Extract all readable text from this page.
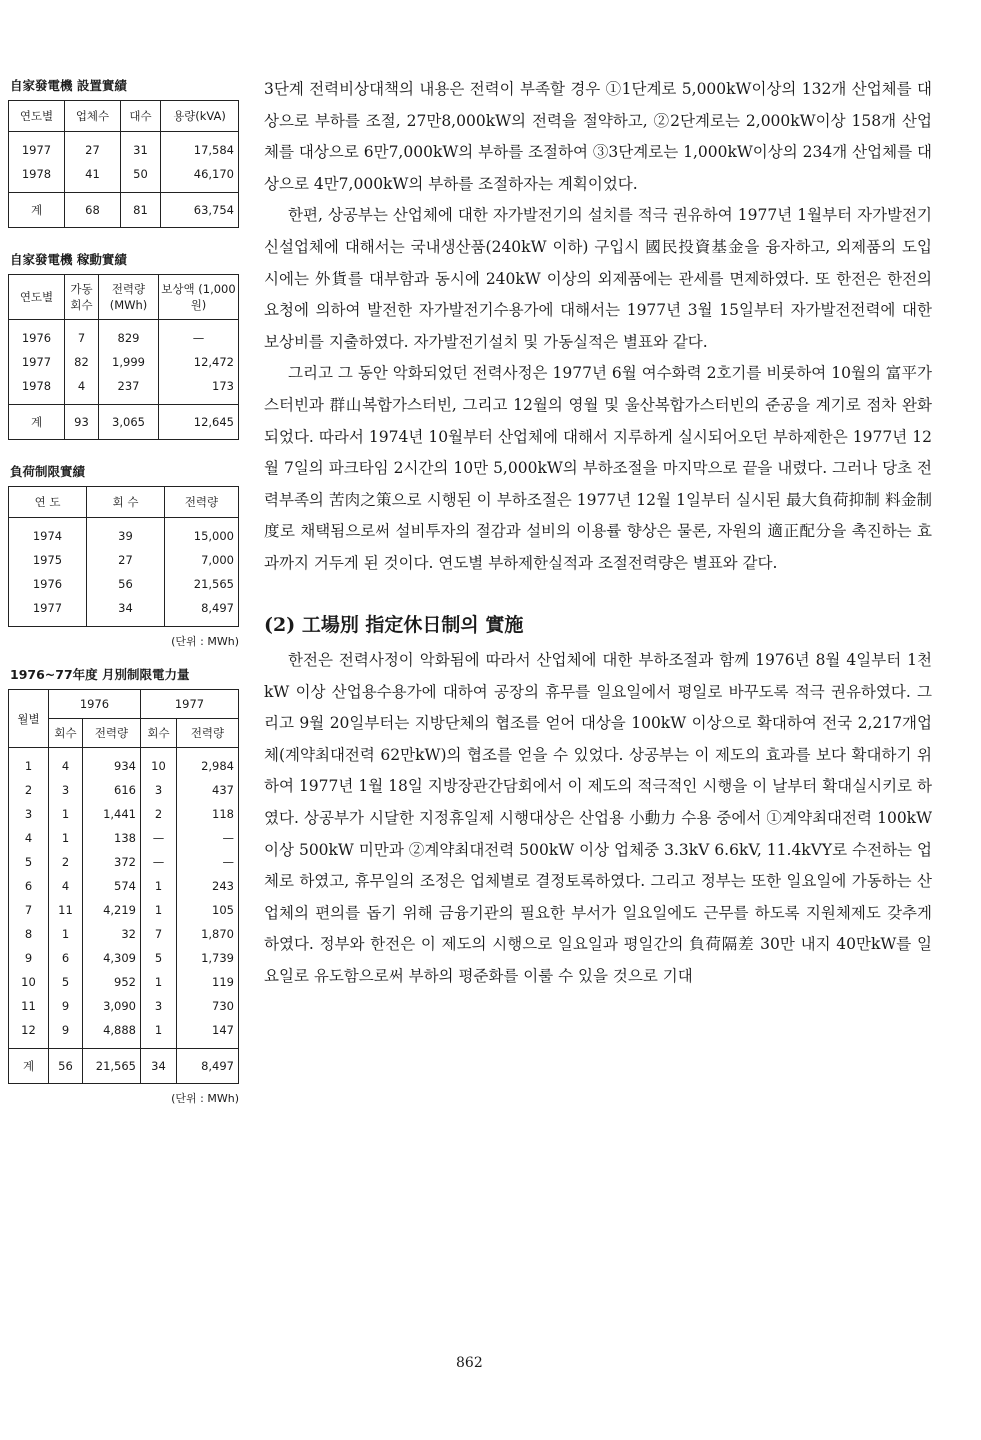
自家發電機 設置實績
연도별	업체수	대수	용량(kVA)
1977	27	31	17,584
1978	41	50	46,170
계	68	81	63,754
自家發電機 稼動實績
연도별	가동 회수	전력량 (MWh)	보상액 (1,000원)
1976	7	829	—
1977	82	1,999	12,472
1978	4	237	173
계	93	3,065	12,645
負荷制限實績
연 도	회 수	전력량
1974	39	15,000
1975	27	7,000
1976	56	21,565
1977	34	8,497
(단위 : MWh)
1976~77年度 月別制限電力量
월별	1976		1977	
	회수	전력량	회수	전력량
1	4	934	10	2,984
2	3	616	3	437
3	1	1,441	2	118
4	1	138	—	—
5	2	372	—	—
6	4	574	1	243
7	11	4,219	1	105
8	1	32	7	1,870
9	6	4,309	5	1,739
10	5	952	1	119
11	9	3,090	3	730
12	9	4,888	1	147
계	56	21,565	34	8,497
(단위 : MWh)

3단계 전력비상대책의 내용은 전력이 부족할 경우 ①1단계로 5,000kW이상의 132개 산업체를 대상으로 부하를 조절, 27만8,000kW의 전력을 절약하고, ②2단계로는 2,000kW이상 158개 산업체를 대상으로 6만7,000kW의 부하를 조절하여 ③3단계로는 1,000kW이상의 234개 산업체를 대상으로 4만7,000kW의 부하를 조절하자는 계획이었다.

한편, 상공부는 산업체에 대한 자가발전기의 설치를 적극 권유하여 1977년 1월부터 자가발전기 신설업체에 대해서는 국내생산품(240kW 이하) 구입시 國民投資基金을 융자하고, 외제품의 도입시에는 外貨를 대부함과 동시에 240kW 이상의 외제품에는 관세를 면제하였다. 또 한전은 한전의 요청에 의하여 발전한 자가발전기수용가에 대해서는 1977년 3월 15일부터 자가발전전력에 대한 보상비를 지출하였다. 자가발전기설치 및 가동실적은 별표와 같다.

그리고 그 동안 악화되었던 전력사정은 1977년 6월 여수화력 2호기를 비롯하여 10월의 富平가스터빈과 群山복합가스터빈, 그리고 12월의 영월 및 울산복합가스터빈의 준공을 계기로 점차 완화되었다. 따라서 1974년 10월부터 산업체에 대해서 지루하게 실시되어오던 부하제한은 1977년 12월 7일의 파크타임 2시간의 10만 5,000kW의 부하조절을 마지막으로 끝을 내렸다. 그러나 당초 전력부족의 苦肉之策으로 시행된 이 부하조절은 1977년 12월 1일부터 실시된 最大負荷抑制 料金制度로 채택됨으로써 설비투자의 절감과 설비의 이용률 향상은 물론, 자원의 適正配分을 촉진하는 효과까지 거두게 된 것이다. 연도별 부하제한실적과 조절전력량은 별표와 같다.

(2) 工場別 指定休日制의 實施

한전은 전력사정이 악화됨에 따라서 산업체에 대한 부하조절과 함께 1976년 8월 4일부터 1천kW 이상 산업용수용가에 대하여 공장의 휴무를 일요일에서 평일로 바꾸도록 적극 권유하였다. 그리고 9월 20일부터는 지방단체의 협조를 얻어 대상을 100kW 이상으로 확대하여 전국 2,217개업체(계약최대전력 62만kW)의 협조를 얻을 수 있었다. 상공부는 이 제도의 효과를 보다 확대하기 위하여 1977년 1월 18일 지방장관간담회에서 이 제도의 적극적인 시행을 이 날부터 확대실시키로 하였다. 상공부가 시달한 지정휴일제 시행대상은 산업용 小動力 수용 중에서 ①계약최대전력 100kW 이상 500kW 미만과 ②계약최대전력 500kW 이상 업체중 3.3kV 6.6kV, 11.4kVY로 수전하는 업체로 하였고, 휴무일의 조정은 업체별로 결정토록하였다. 그리고 정부는 또한 일요일에 가동하는 산업체의 편의를 돕기 위해 금융기관의 필요한 부서가 일요일에도 근무를 하도록 지원체제도 갖추게 하였다. 정부와 한전은 이 제도의 시행으로 일요일과 평일간의 負荷隔差 30만 내지 40만kW를 일요일로 유도함으로써 부하의 평준화를 이룰 수 있을 것으로 기대

862
